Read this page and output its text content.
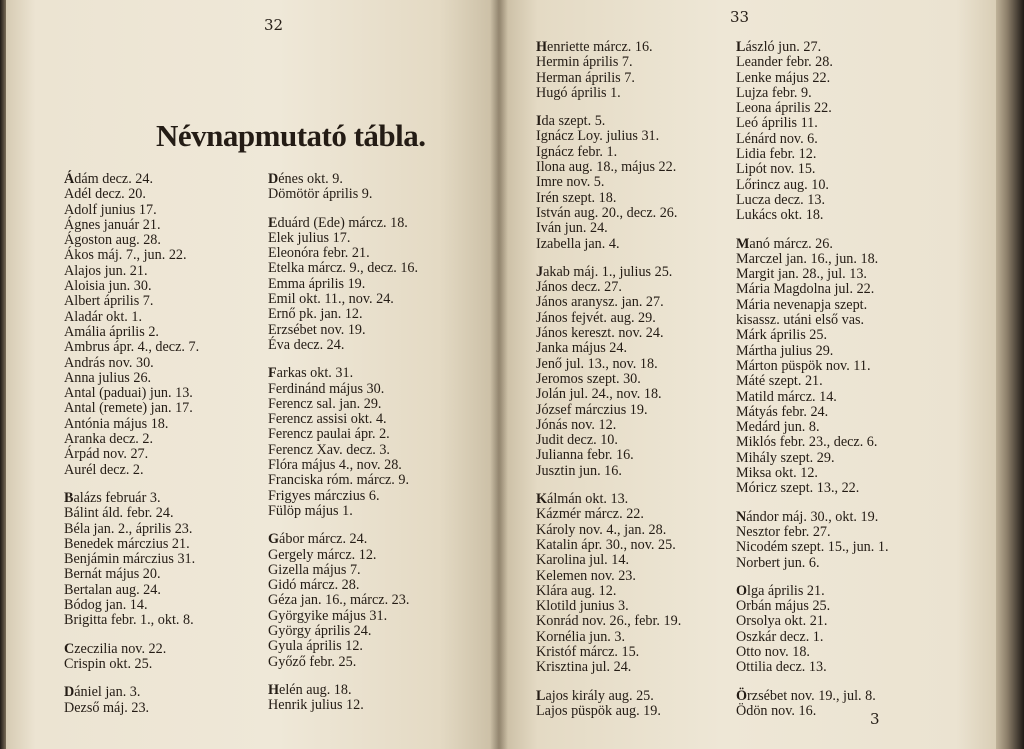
32
Névnapmutató tábla.
Ádám decz. 24.
Adél decz. 20.
Adolf junius 17.
Ágnes január 21.
Ágoston aug. 28.
Ákos máj. 7., jun. 22.
Alajos jun. 21.
Aloisia jun. 30.
Albert április 7.
Aladár okt. 1.
Amália április 2.
Ambrus ápr. 4., decz. 7.
András nov. 30.
Anna julius 26.
Antal (paduai) jun. 13.
Antal (remete) jan. 17.
Antónia május 18.
Aranka decz. 2.
Árpád nov. 27.
Aurél decz. 2.
Balázs február 3.
Bálint áld. febr. 24.
Béla jan. 2., április 23.
Benedek márczius 21.
Benjámin márczius 31.
Bernát május 20.
Bertalan aug. 24.
Bódog jan. 14.
Brigitta febr. 1., okt. 8.
Czeczilia nov. 22.
Crispin okt. 25.
Dániel jan. 3.
Dezső máj. 23.
Dénes okt. 9.
Dömötör április 9.
Eduárd (Ede) márcz. 18.
Elek julius 17.
Eleonóra febr. 21.
Etelka márcz. 9., decz. 16.
Emma április 19.
Emil okt. 11., nov. 24.
Ernő pk. jan. 12.
Erzsébet nov. 19.
Éva decz. 24.
Farkas okt. 31.
Ferdinánd május 30.
Ferencz sal. jan. 29.
Ferencz assisi okt. 4.
Ferencz paulai ápr. 2.
Ferencz Xav. decz. 3.
Flóra május 4., nov. 28.
Franciska róm. márcz. 9.
Frigyes márczius 6.
Fülöp május 1.
Gábor márcz. 24.
Gergely márcz. 12.
Gizella május 7.
Gidó márcz. 28.
Géza jan. 16., márcz. 23.
Györgyike május 31.
György április 24.
Gyula április 12.
Győző febr. 25.
Helén aug. 18.
Henrik julius 12.
33
Henriette márcz. 16.
Hermin április 7.
Herman április 7.
Hugó április 1.
Ida szept. 5.
Ignácz Loy. julius 31.
Ignácz febr. 1.
Ilona aug. 18., május 22.
Imre nov. 5.
Irén szept. 18.
István aug. 20., decz. 26.
Iván jun. 24.
Izabella jan. 4.
Jakab máj. 1., julius 25.
János decz. 27.
János aranysz. jan. 27.
János fejvét. aug. 29.
János kereszt. nov. 24.
Janka május 24.
Jenő jul. 13., nov. 18.
Jeromos szept. 30.
Jolán jul. 24., nov. 18.
József márczius 19.
Jónás nov. 12.
Judit decz. 10.
Julianna febr. 16.
Jusztin jun. 16.
Kálmán okt. 13.
Kázmér márcz. 22.
Károly nov. 4., jan. 28.
Katalin ápr. 30., nov. 25.
Karolina jul. 14.
Kelemen nov. 23.
Klára aug. 12.
Klotild junius 3.
Konrád nov. 26., febr. 19.
Kornélia jun. 3.
Kristóf márcz. 15.
Krisztina jul. 24.
Lajos király aug. 25.
Lajos püspök aug. 19.
László jun. 27.
Leander febr. 28.
Lenke május 22.
Lujza febr. 9.
Leona április 22.
Leó április 11.
Lénárd nov. 6.
Lidia febr. 12.
Lipót nov. 15.
Lőrincz aug. 10.
Lucza decz. 13.
Lukács okt. 18.
Manó márcz. 26.
Marczel jan. 16., jun. 18.
Margit jan. 28., jul. 13.
Mária Magdolna jul. 22.
Mária nevenapja szept.
kisassz. utáni első vas.
Márk április 25.
Mártha julius 29.
Márton püspök nov. 11.
Máté szept. 21.
Matild márcz. 14.
Mátyás febr. 24.
Medárd jun. 8.
Miklós febr. 23., decz. 6.
Mihály szept. 29.
Miksa okt. 12.
Móricz szept. 13., 22.
Nándor máj. 30., okt. 19.
Nesztor febr. 27.
Nicodém szept. 15., jun. 1.
Norbert jun. 6.
Olga április 21.
Orbán május 25.
Orsolya okt. 21.
Oszkár decz. 1.
Otto nov. 18.
Ottilia decz. 13.
Örzsébet nov. 19., jul. 8.
Ödön nov. 16.	3
